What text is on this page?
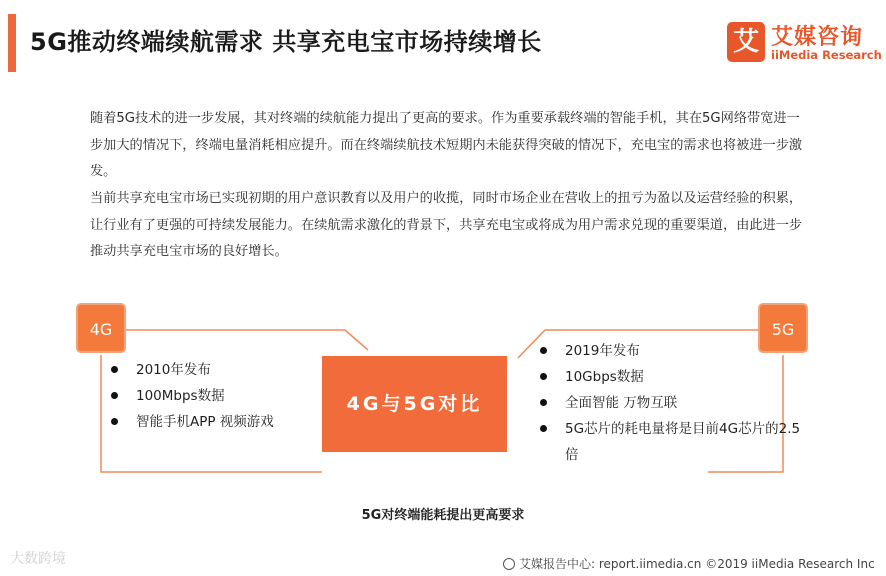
5G推动终端续航需求 共享充电宝市场持续增长	艾 艾媒咨询
iiMedia Research

随着5G技术的进一步发展，其对终端的续航能力提出了更高的要求。作为重要承载终端的智能手机，其在5G网络带宽进一步加大的情况下，终端电量消耗相应提升。而在终端续航技术短期内未能获得突破的情况下，充电宝的需求也将被进一步激发。

当前共享充电宝市场已实现初期的用户意识教育以及用户的收揽，同时市场企业在营收上的扭亏为盈以及运营经验的积累，让行业有了更强的可持续发展能力。在续航需求激化的背景下，共享充电宝或将成为用户需求兑现的重要渠道，由此进一步推动共享充电宝市场的良好增长。

4G	5G
4G与5G对比
2010年发布
100Mbps数据
智能手机APP 视频游戏
2019年发布
10Gbps数据
全面智能 万物互联
5G芯片的耗电量将是目前4G芯片的2.5倍
5G对终端能耗提出更高要求
大数跨境	艾媒报告中心: report.iimedia.cn ©2019 iiMedia Research Inc
